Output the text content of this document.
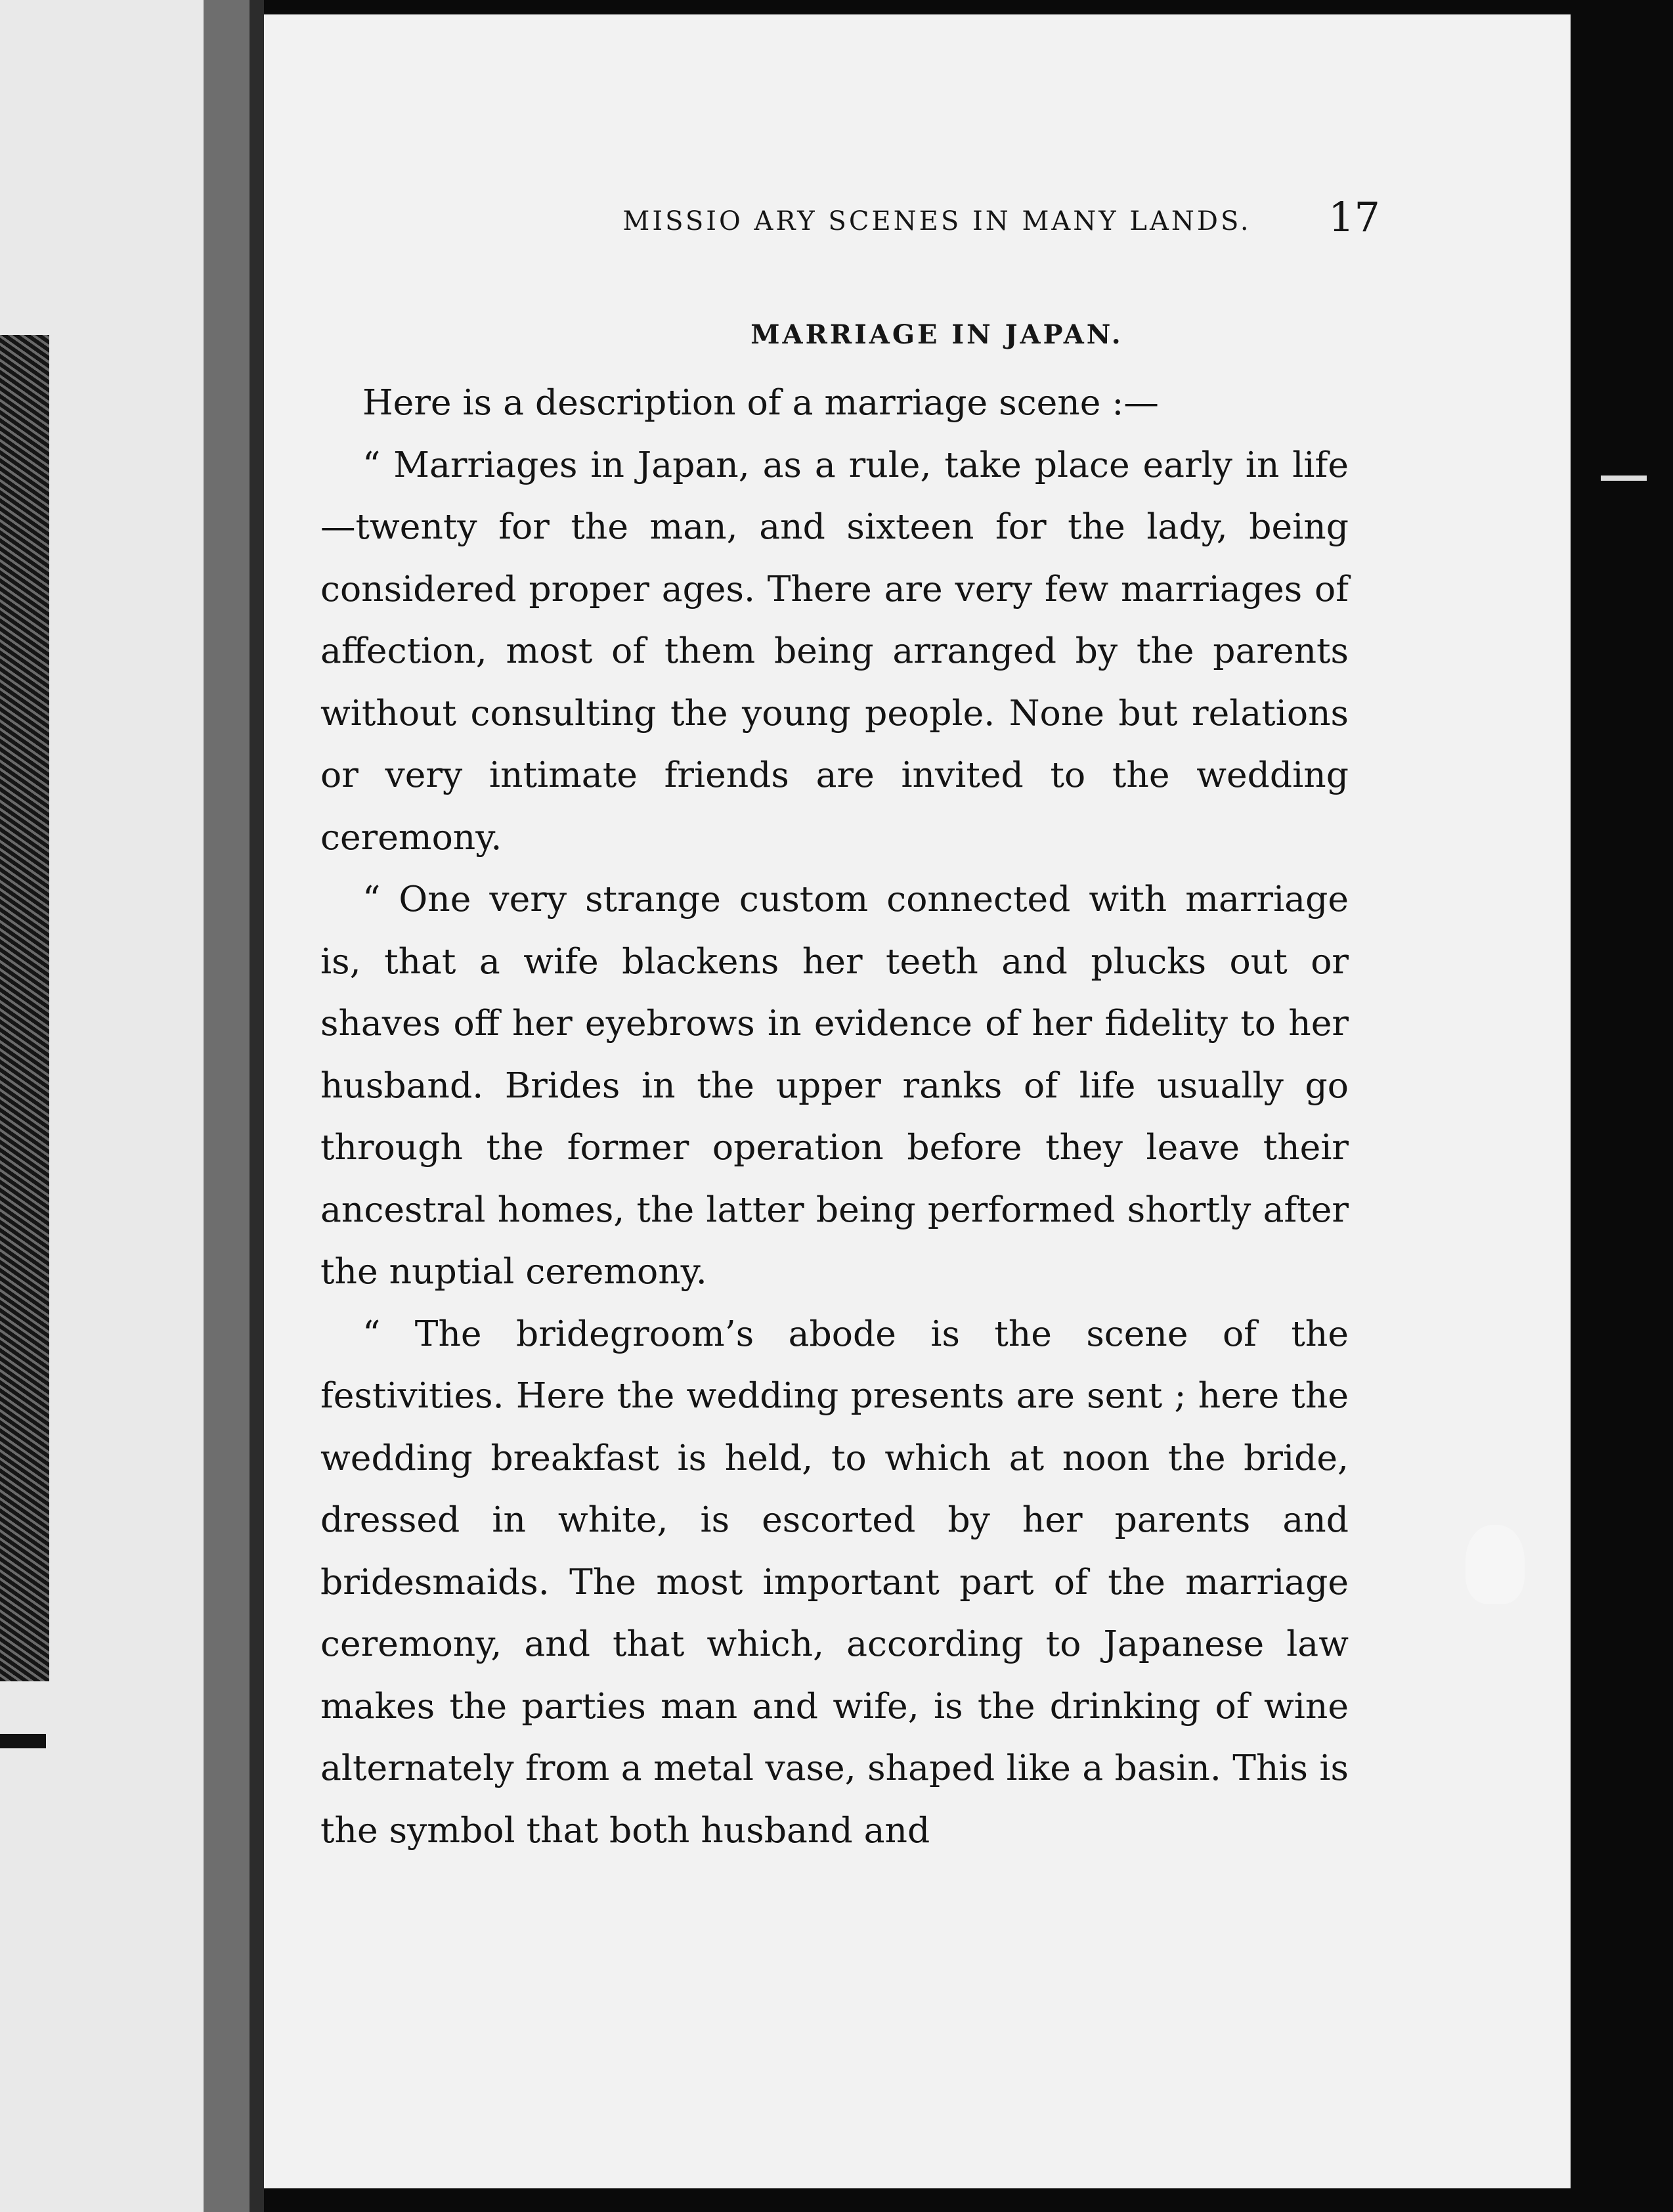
MISSIO ARY SCENES IN MANY LANDS.	17

MARRIAGE IN JAPAN.

Here is a description of a marriage scene :—

“ Marriages in Japan, as a rule, take place early in life—twenty for the man, and sixteen for the lady, being considered proper ages. There are very few marriages of affection, most of them being arranged by the parents without consulting the young people. None but relations or very intimate friends are invited to the wedding ceremony.

“ One very strange custom connected with marriage is, that a wife blackens her teeth and plucks out or shaves off her eyebrows in evidence of her fidelity to her husband. Brides in the upper ranks of life usually go through the former operation before they leave their ancestral homes, the latter being performed shortly after the nuptial ceremony.

“ The bridegroom’s abode is the scene of the festivities. Here the wedding presents are sent ; here the wedding breakfast is held, to which at noon the bride, dressed in white, is escorted by her parents and bridesmaids. The most important part of the marriage ceremony, and that which, according to Japanese law makes the parties man and wife, is the drinking of wine alternately from a metal vase, shaped like a basin. This is the symbol that both husband and
